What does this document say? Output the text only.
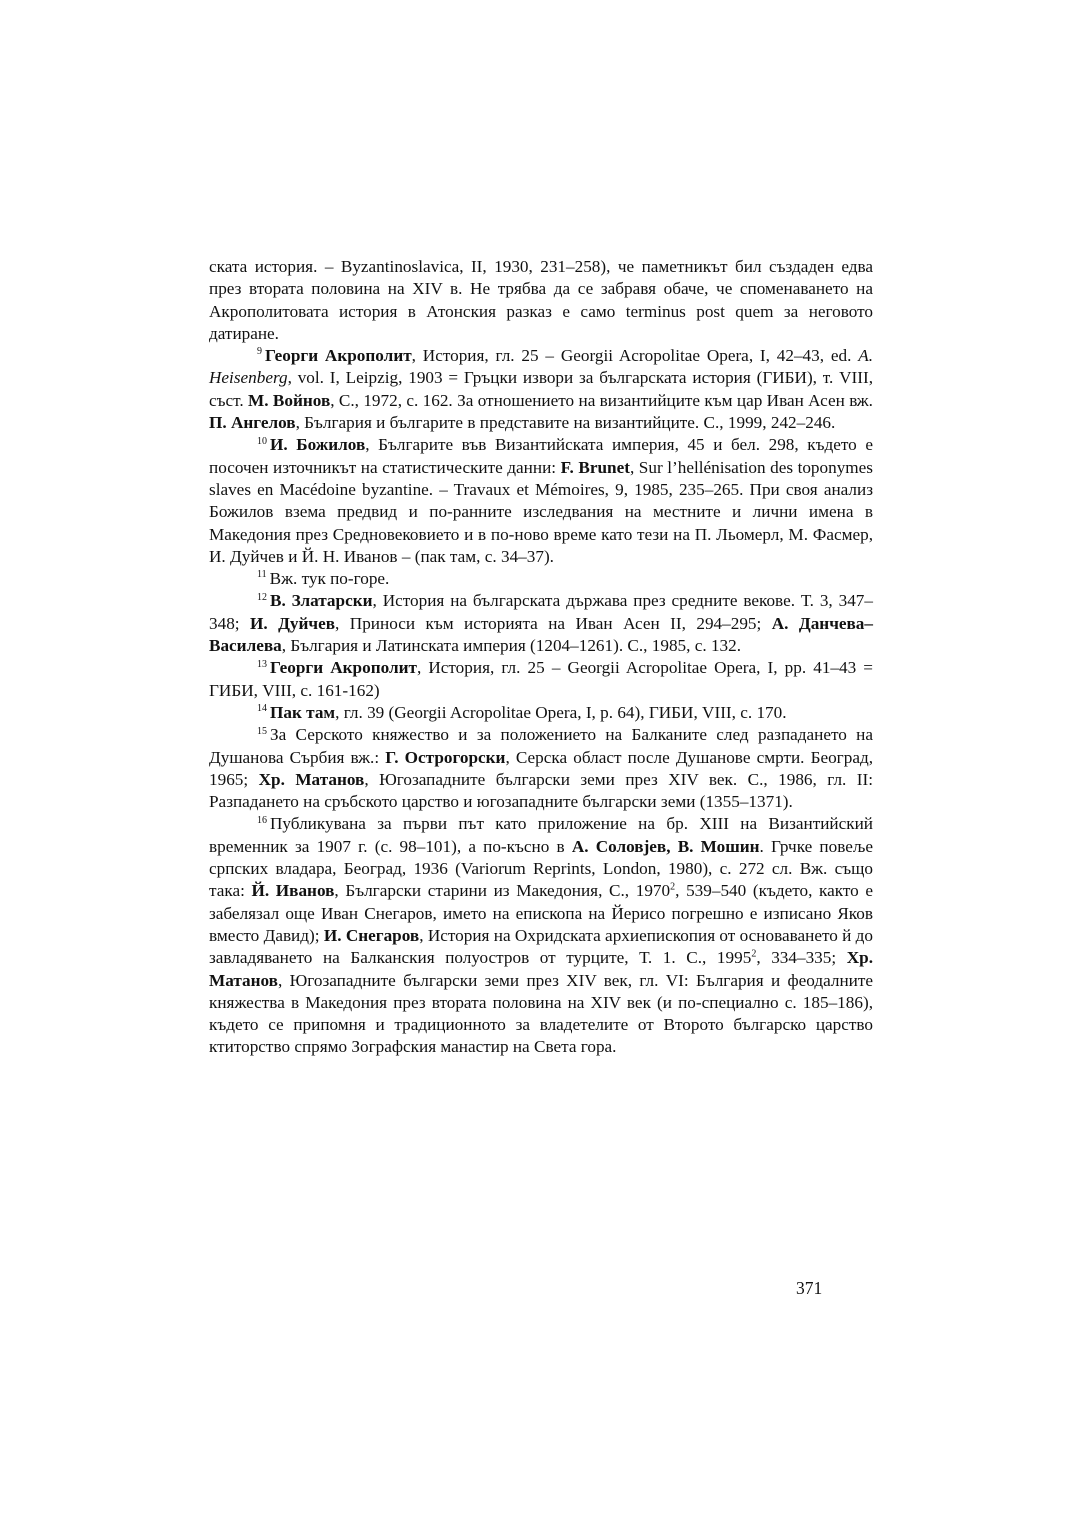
ската история. – Byzantinoslavica, II, 1930, 231–258), че паметникът бил създаден едва през втората половина на XIV в. Не трябва да се забравя обаче, че споменаването на Акрополитовата история в Атонския разказ е само terminus post quem за неговото датиране.

$^9$ Георги Акрополит, История, гл. 25 – Georgii Acropolitae Opera, I, 42–43, ed. A. Heisenberg, vol. I, Leipzig, 1903 = Гръцки извори за българската история (ГИБИ), т. VIII, съст. М. Войнов, С., 1972, с. 162. За отношението на византийците към цар Иван Асен вж. П. Ангелов, България и българите в представите на византийците. С., 1999, 242–246.

$^{10}$ И. Божилов, Българите във Византийската империя, 45 и бел. 298, където е посочен източникът на статистическите данни: F. Brunet, Sur l’hellénisation des toponymes slaves en Macédoine byzantine. – Travaux et Mémoires, 9, 1985, 235–265. При своя анализ Божилов взема предвид и по-ранните изследвания на местните и лични имена в Македония през Средновековието и в по-ново време като тези на П. Льомерл, М. Фасмер, И. Дуйчев и Й. Н. Иванов – (пак там, с. 34–37).

$^{11}$ Вж. тук по-горе.

$^{12}$ В. Златарски, История на българската държава през средните векове. Т. 3, 347–348; И. Дуйчев, Приноси към историята на Иван Асен II, 294–295; А. Данчева–Василева, България и Латинската империя (1204–1261). С., 1985, с. 132.

$^{13}$ Георги Акрополит, История, гл. 25 – Georgii Acropolitae Opera, I, pp. 41–43 = ГИБИ, VIII, с. 161-162)

$^{14}$ Пак там, гл. 39 (Georgii Acropolitae Opera, I, p. 64), ГИБИ, VIII, с. 170.

$^{15}$ За Серското княжество и за положението на Балканите след разпадането на Душанова Сърбия вж.: Г. Острогорски, Серска област после Душанове смрти. Београд, 1965; Хр. Матанов, Югозападните български земи през XIV век. С., 1986, гл. II: Разпадането на сръбското царство и югозападните български земи (1355–1371).

$^{16}$ Публикувана за първи път като приложение на бр. XIII на Византийский временник за 1907 г. (с. 98–101), а по-късно в А. Соловјев, В. Мошин. Грчке повеље српских владара, Београд, 1936 (Variorum Reprints, London, 1980), с. 272 сл. Вж. също така: Й. Иванов, Български старини из Македония, С., 1970$^2$, 539–540 (където, както е забелязал още Иван Снегаров, името на епископа на Йерисо погрешно е изписано Яков вместо Давид); И. Снегаров, История на Охридската архиепископия от основаването й до завладяването на Балканския полуостров от турците, Т. 1. С., 1995$^2$, 334–335; Хр. Матанов, Югозападните български земи през XIV век, гл. VI: България и феодалните княжества в Македония през втората половина на XIV век (и по-специално с. 185–186), където се припомня и традиционното за владетелите от Второто българско царство ктиторство спрямо Зографския манастир на Света гора.

371
